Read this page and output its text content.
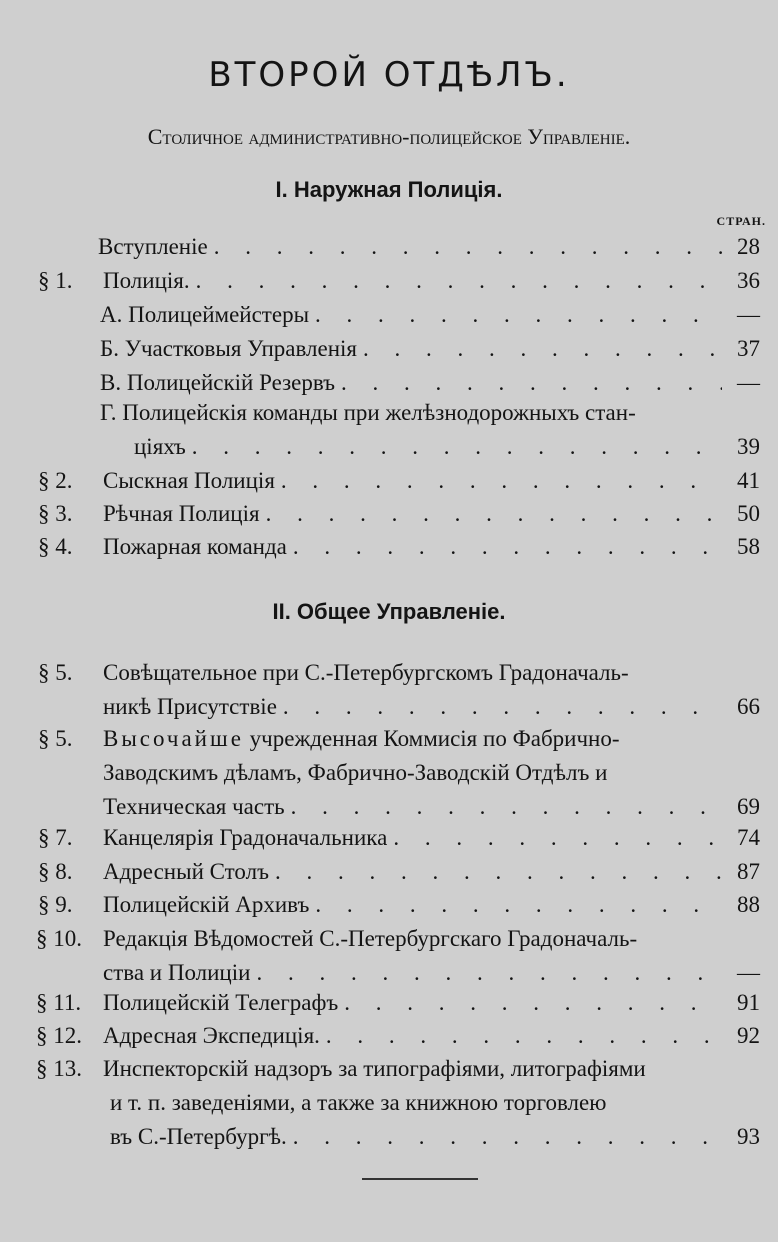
ВТОРОЙ ОТДѢЛЪ.
Столичное административно-полицейское Управленіе.
I. Наружная Полиція.
СТРАН.
Вступленіе . . .	28
§ 1. Полиція. . . .	36
А. Полицеймейстеры . . .	—
Б. Участковыя Управленія . . .	37
В. Полицейскій Резервъ . . .	—
Г. Полицейскія команды при желѣзнодорожныхъ стан-
ціяхъ . . .	39
§ 2. Сыскная Полиція . . .	41
§ 3. Рѣчная Полиція . . .	50
§ 4. Пожарная команда . . .	58
II. Общее Управленіе.
§ 5. Совѣщательное при С.-Петербургскомъ Градоначаль-
никѣ Присутствіе . . .	66
§ 5. Высочайше учрежденная Коммисія по Фабрично-
Заводскимъ дѣламъ, Фабрично-Заводскій Отдѣлъ и
Техническая часть . . .	69
§ 7. Канцелярія Градоначальника . . .	74
§ 8. Адресный Столъ . . .	87
§ 9. Полицейскій Архивъ . . .	88
§ 10. Редакція Вѣдомостей С.-Петербургскаго Градоначаль-
ства и Полиціи . . .	—
§ 11. Полицейскій Телеграфъ . . .	91
§ 12. Адресная Экспедиція. . . .	92
§ 13. Инспекторскій надзоръ за типографіями, литографіями
и т. п. заведеніями, а также за книжною торговлею
въ С.-Петербургѣ. . . .	93
